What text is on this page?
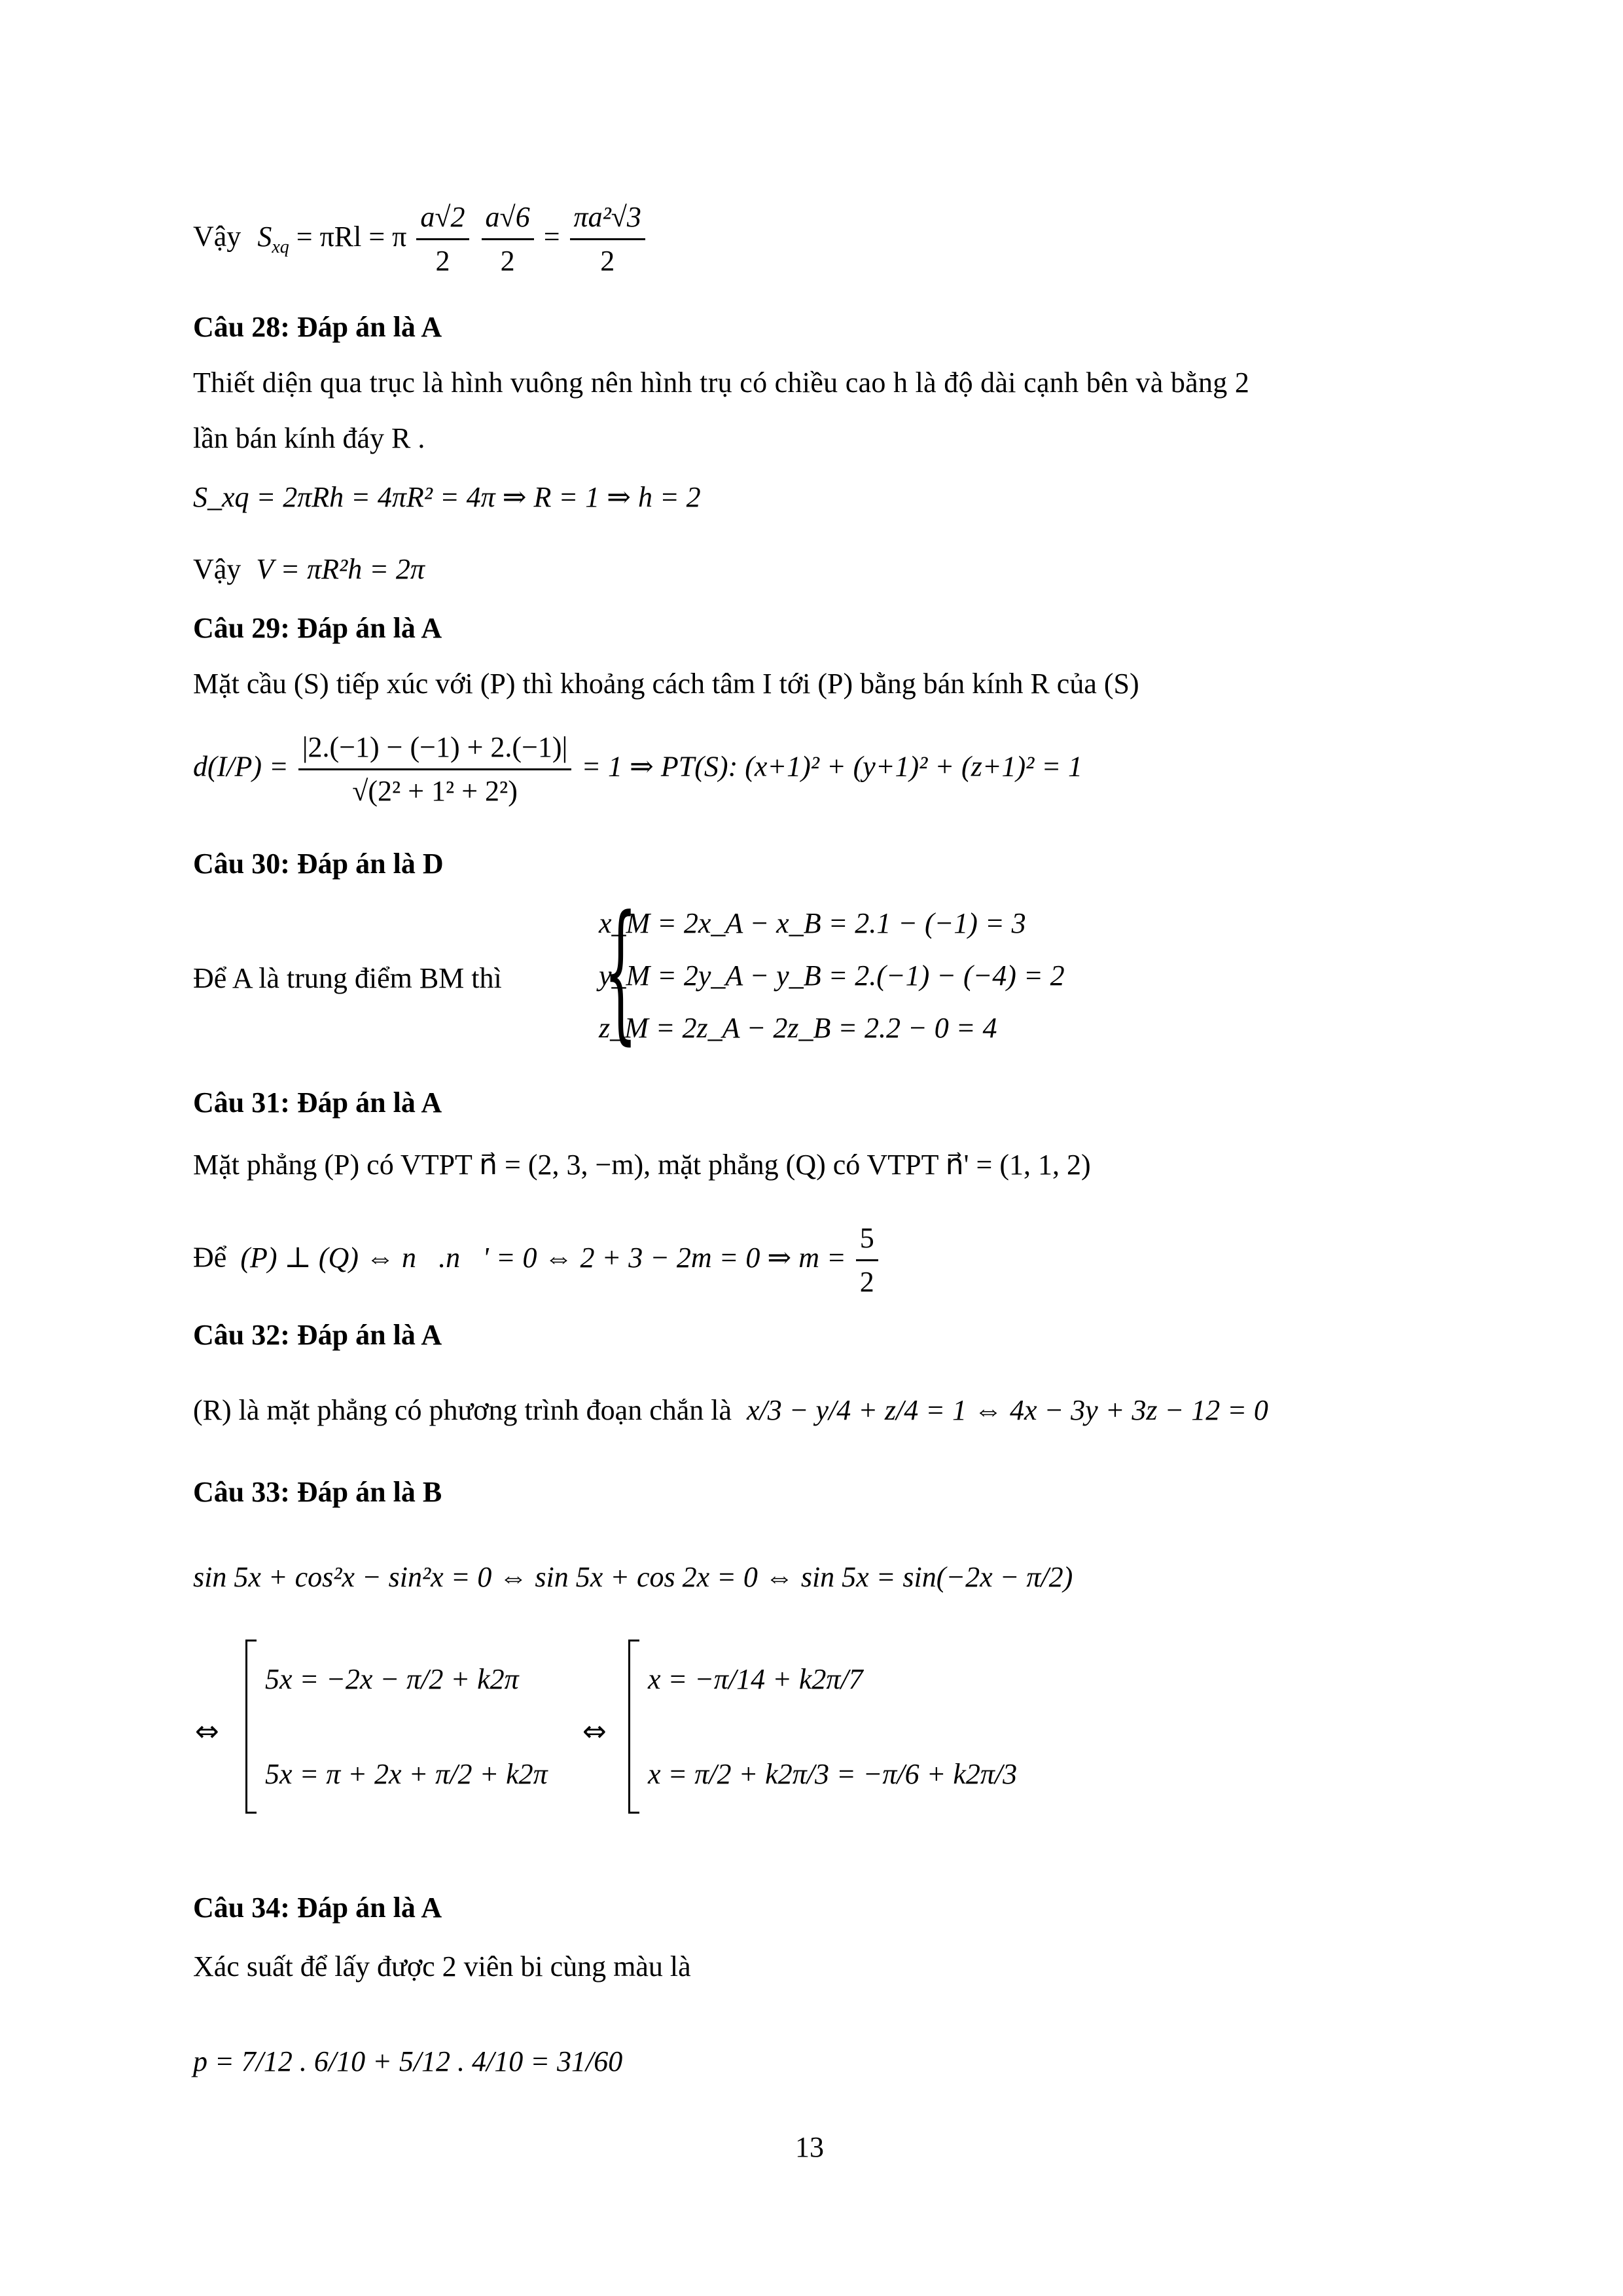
Vậy $S_{xq} = \pi Rl = \pi \frac{a√2}{2}$
$\frac{a√6}{2} = \frac{\text{πa²√3}}{2}$
Câu 28: Đáp án là A
Thiết diện qua trục là hình vuông nên hình trụ có chiều cao h là độ dài cạnh bên và bằng 2
lần bán kính đáy R .
S_xq = 2πRh = 4πR² = 4π ⇒ R = 1 ⇒ h = 2
Vậy V = πR²h = 2π
Câu 29: Đáp án là A
Mặt cầu (S) tiếp xúc với (P) thì khoảng cách tâm I tới (P) bằng bán kính R của (S)
$d(I/P) = \frac{|2.(-1) - (-1) + 2.(-1)|}{\text{√(2² + 1² + 2²)}} = 1$ ⇒ PT(S): (x+1)² + (y+1)² + (z+1)² = 1
Câu 30: Đáp án là D
Để A là trung điểm BM thì {
x_M = 2x_A − x_B = 2.1 − (−1) = 3
y_M = 2y_A − y_B = 2.(−1) − (−4) = 2
z_M = 2z_A − 2z_B = 2.2 − 0 = 4
Câu 31: Đáp án là A
Mặt phẳng (P) có VTPT n⃗ = (2, 3, −m), mặt phẳng (Q) có VTPT n⃗' = (1, 1, 2)
Để (P) ⊥ (Q) ⇔ n⃗.n⃗' = 0 ⇔ 2 + 3 − 2m = 0 ⇒ $m = \frac{5}{2}$
Câu 32: Đáp án là A
(R) là mặt phẳng có phương trình đoạn chắn là x/3 − y/4 + z/4 = 1 ⇔ 4x − 3y + 3z − 12 = 0
Câu 33: Đáp án là B
sin 5x + cos²x − sin²x = 0 ⇔ sin 5x + cos 2x = 0 ⇔ sin 5x = sin(−2x − π/2)
⇔
5x = −2x − π/2 + k2π
5x = π + 2x + π/2 + k2π
⇔
x = −π/14 + k2π/7
x = π/2 + k2π/3 = −π/6 + k2π/3
Câu 34: Đáp án là A
Xác suất để lấy được 2 viên bi cùng màu là
p = 7/12 . 6/10 + 5/12 . 4/10 = 31/60
13
